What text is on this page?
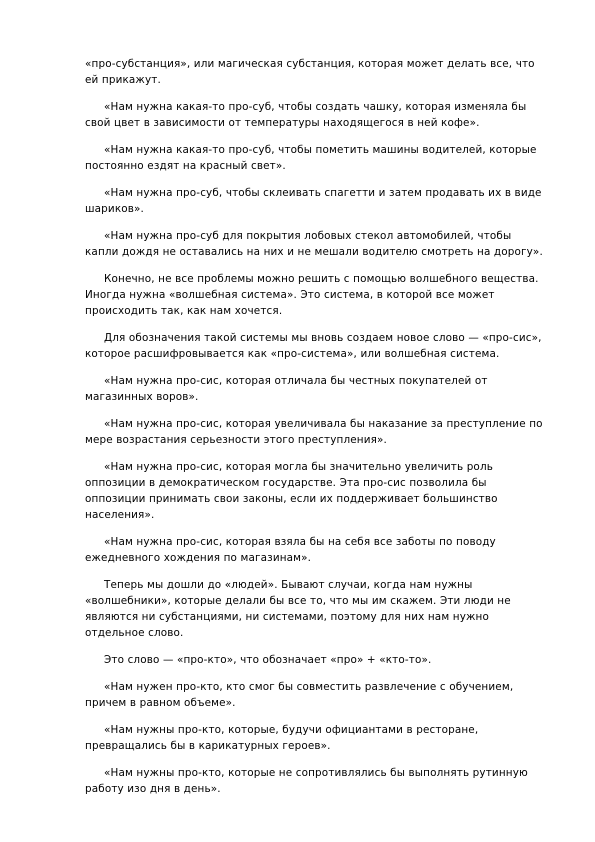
«про-субстанция», или магическая субстанция, которая может делать все, что ей прикажут.

«Нам нужна какая-то про-суб, чтобы создать чашку, которая изменяла бы свой цвет в зависимости от температуры находящегося в ней кофе».

«Нам нужна какая-то про-суб, чтобы пометить машины водителей, которые постоянно ездят на красный свет».

«Нам нужна про-суб, чтобы склеивать спагетти и затем продавать их в виде шариков».

«Нам нужна про-суб для покрытия лобовых стекол автомобилей, чтобы капли дождя не оставались на них и не мешали водителю смотреть на дорогу».

Конечно, не все проблемы можно решить с помощью волшебного вещества. Иногда нужна «волшебная система». Это система, в которой все может происходить так, как нам хочется.

Для обозначения такой системы мы вновь создаем новое слово — «про-сис», которое расшифровывается как «про-система», или волшебная система.

«Нам нужна про-сис, которая отличала бы честных покупателей от магазинных воров».

«Нам нужна про-сис, которая увеличивала бы наказание за преступление по мере возрастания серьезности этого преступления».

«Нам нужна про-сис, которая могла бы значительно увеличить роль оппозиции в демократическом государстве. Эта про-сис позволила бы оппозиции принимать свои законы, если их поддерживает большинство населения».

«Нам нужна про-сис, которая взяла бы на себя все заботы по поводу ежедневного хождения по магазинам».

Теперь мы дошли до «людей». Бывают случаи, когда нам нужны «волшебники», которые делали бы все то, что мы им скажем. Эти люди не являются ни субстанциями, ни системами, поэтому для них нам нужно отдельное слово.

Это слово — «про-кто», что обозначает «про» + «кто-то».

«Нам нужен про-кто, кто смог бы совместить развлечение с обучением, причем в равном объеме».

«Нам нужны про-кто, которые, будучи официантами в ресторане, превращались бы в карикатурных героев».

«Нам нужны про-кто, которые не сопротивлялись бы выполнять рутинную работу изо дня в день».
